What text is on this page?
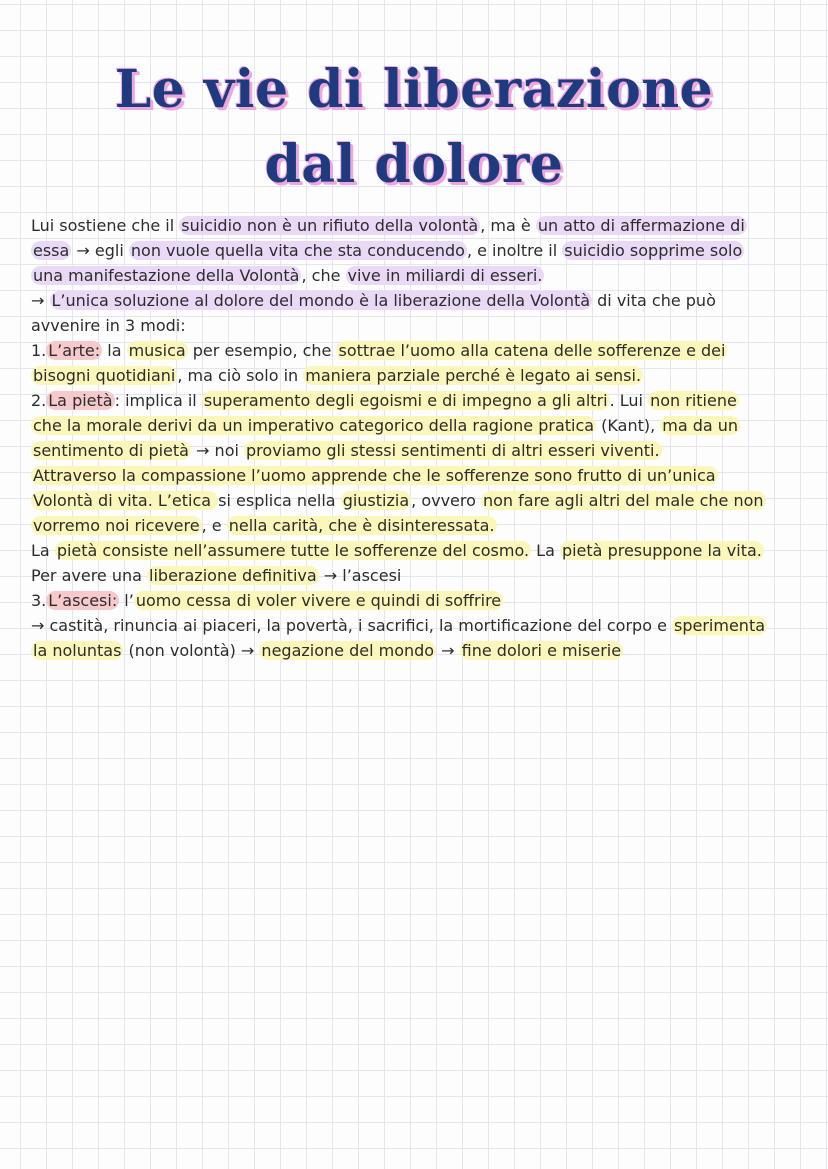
Le vie di liberazione
dal dolore
Lui sostiene che il suicidio non è un rifiuto della volontà , ma è un atto di affermazione di
essa → egli non vuole quella vita che sta conducendo , e inoltre il suicidio sopprime solo
una manifestazione della Volontà , che vive in miliardi di esseri.
→ L’unica soluzione al dolore del mondo è la liberazione della Volontà di vita che può
avvenire in 3 modi:
1. L’arte: la musica per esempio, che sottrae l’uomo alla catena delle sofferenze e dei
bisogni quotidiani , ma ciò solo in maniera parziale perché è legato ai sensi.
2. La pietà : implica il superamento degli egoismi e di impegno a gli altri . Lui non ritiene
che la morale derivi da un imperativo categorico della ragione pratica (Kant), ma da un
sentimento di pietà → noi proviamo gli stessi sentimenti di altri esseri viventi.
Attraverso la compassione l’uomo apprende che le sofferenze sono frutto di un’unica
Volontà di vita. L’etica si esplica nella giustizia , ovvero non fare agli altri del male che non
vorremo noi ricevere , e nella carità, che è disinteressata.
La pietà consiste nell’assumere tutte le sofferenze del cosmo. La pietà presuppone la vita.
Per avere una liberazione definitiva → l’ascesi
3. L’ascesi: l’ uomo cessa di voler vivere e quindi di soffrire
→ castità, rinuncia ai piaceri, la povertà, i sacrifici, la mortificazione del corpo e sperimenta
la noluntas (non volontà) → negazione del mondo → fine dolori e miserie
